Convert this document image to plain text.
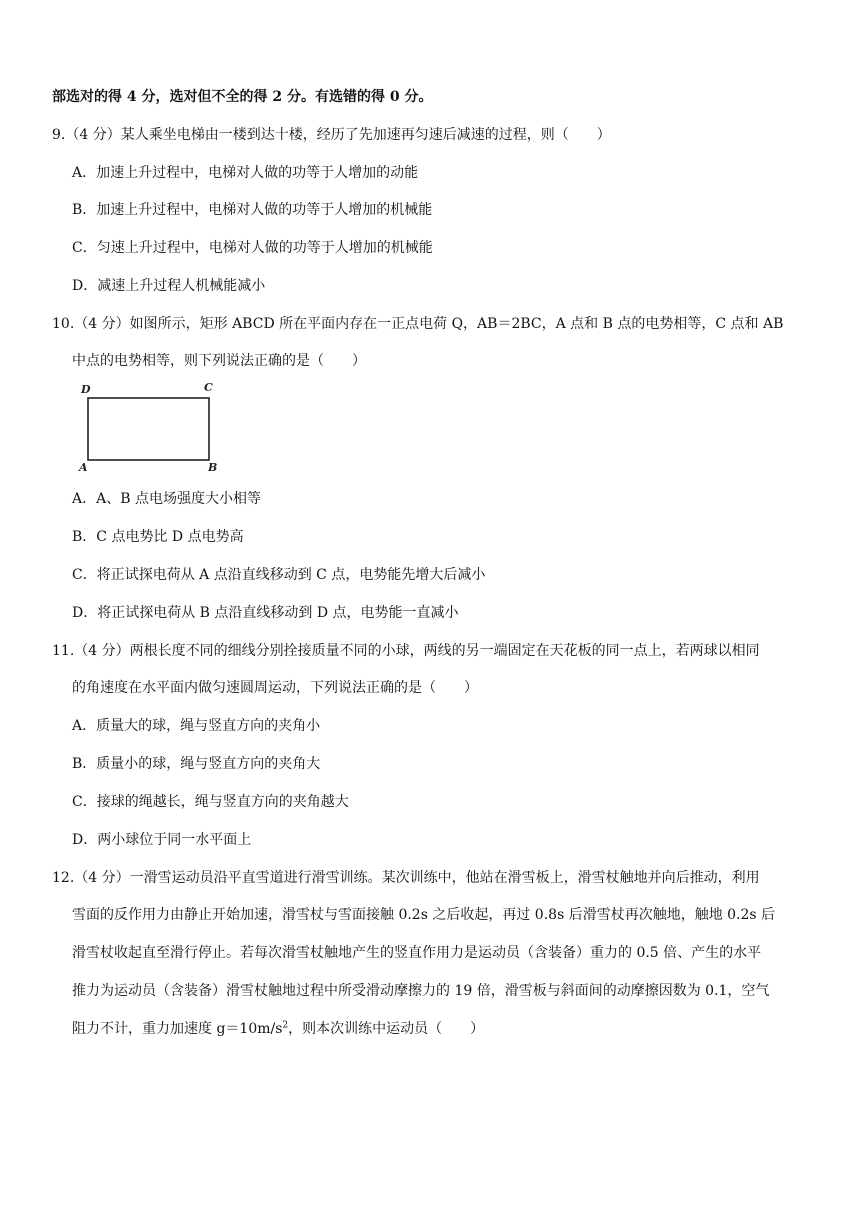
部选对的得 4 分，选对但不全的得 2 分。有选错的得 0 分。
9.（4 分）某人乘坐电梯由一楼到达十楼，经历了先加速再匀速后减速的过程，则（　　）
A．加速上升过程中，电梯对人做的功等于人增加的动能
B．加速上升过程中，电梯对人做的功等于人增加的机械能
C．匀速上升过程中，电梯对人做的功等于人增加的机械能
D．减速上升过程人机械能减小
10.（4 分）如图所示，矩形 ABCD 所在平面内存在一正点电荷 Q，AB＝2BC，A 点和 B 点的电势相等，C 点和 AB
中点的电势相等，则下列说法正确的是（　　）
D	C
A	B
A．A、B 点电场强度大小相等
B．C 点电势比 D 点电势高
C．将正试探电荷从 A 点沿直线移动到 C 点，电势能先增大后减小
D．将正试探电荷从 B 点沿直线移动到 D 点，电势能一直减小
11.（4 分）两根长度不同的细线分别拴接质量不同的小球，两线的另一端固定在天花板的同一点上，若两球以相同
的角速度在水平面内做匀速圆周运动，下列说法正确的是（　　）
A．质量大的球，绳与竖直方向的夹角小
B．质量小的球，绳与竖直方向的夹角大
C．接球的绳越长，绳与竖直方向的夹角越大
D．两小球位于同一水平面上
12.（4 分）一滑雪运动员沿平直雪道进行滑雪训练。某次训练中，他站在滑雪板上，滑雪杖触地并向后推动，利用
雪面的反作用力由静止开始加速，滑雪杖与雪面接触 0.2s 之后收起，再过 0.8s 后滑雪杖再次触地，触地 0.2s 后
滑雪杖收起直至滑行停止。若每次滑雪杖触地产生的竖直作用力是运动员（含装备）重力的 0.5 倍、产生的水平
推力为运动员（含装备）滑雪杖触地过程中所受滑动摩擦力的 19 倍，滑雪板与斜面间的动摩擦因数为 0.1，空气
阻力不计，重力加速度 $g=10m/s^2$，则本次训练中运动员（　　）
